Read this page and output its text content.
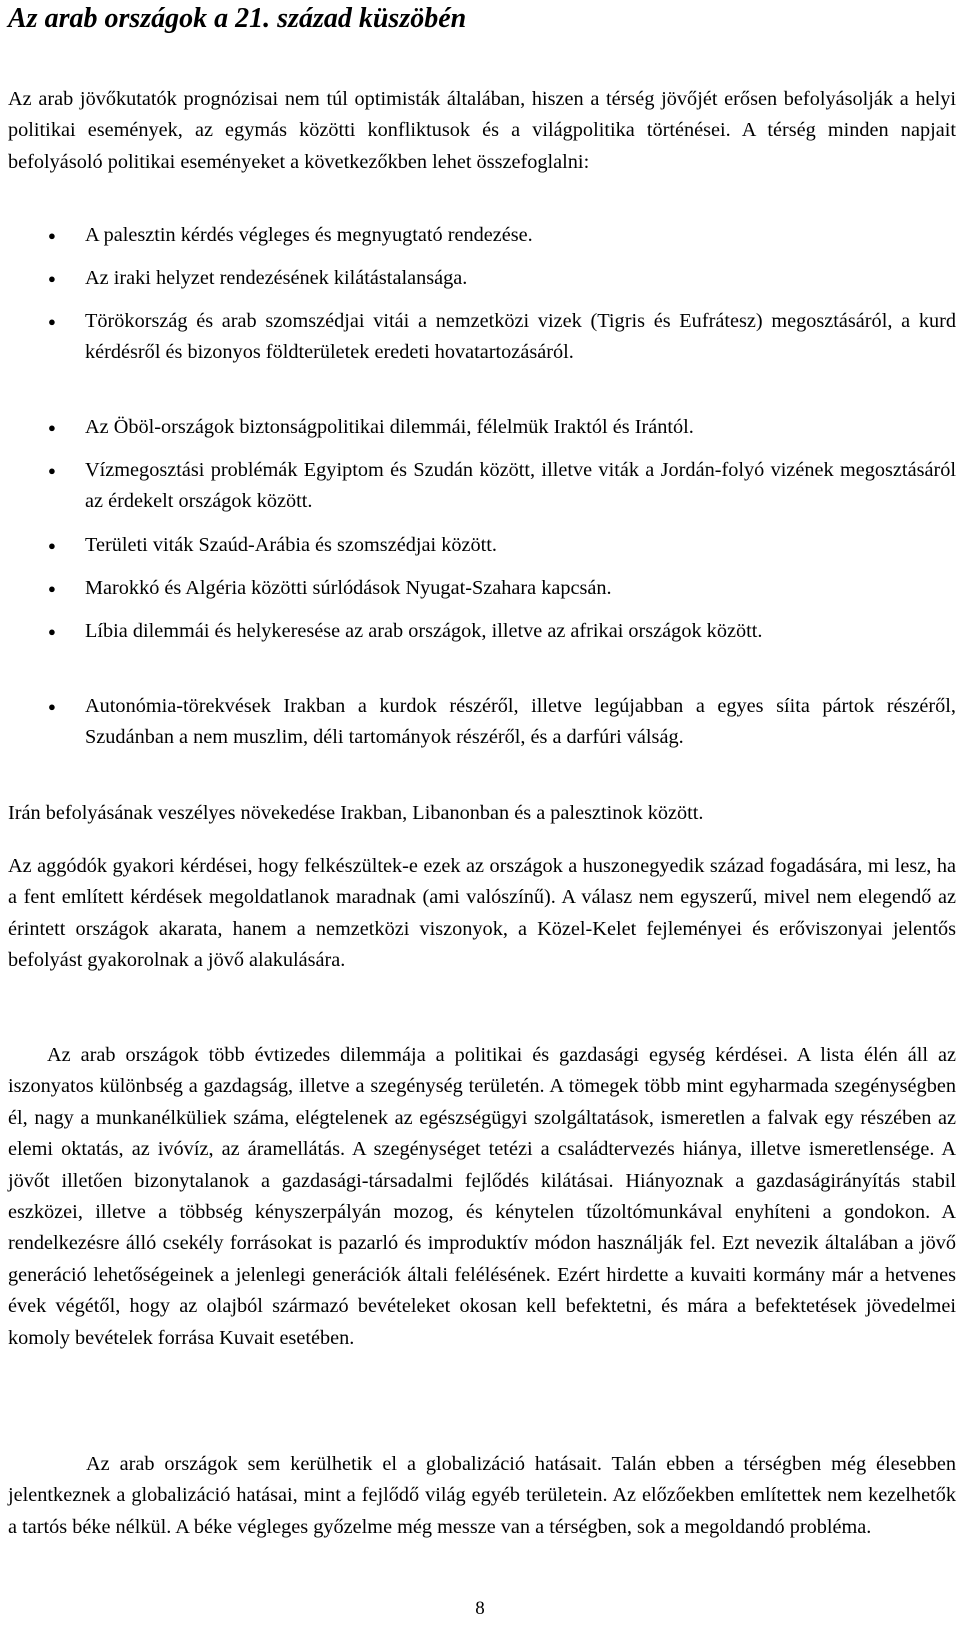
Az arab országok a 21. század küszöbén

Az arab jövőkutatók prognózisai nem túl optimisták általában, hiszen a térség jövőjét erősen befolyásolják a helyi politikai események, az egymás közötti konfliktusok és a világpolitika történései. A térség minden napjait befolyásoló politikai eseményeket a következőkben lehet összefoglalni:

● A palesztin kérdés végleges és megnyugtató rendezése.
● Az iraki helyzet rendezésének kilátástalansága.
● Törökország és arab szomszédjai vitái a nemzetközi vizek (Tigris és Eufrátesz) megosztásáról, a kurd kérdésről és bizonyos földterületek eredeti hovatartozásáról.
● Az Öböl-országok biztonságpolitikai dilemmái, félelmük Iraktól és Irántól.
● Vízmegosztási problémák Egyiptom és Szudán között, illetve viták a Jordán-folyó vizének megosztásáról az érdekelt országok között.
● Területi viták Szaúd-Arábia és szomszédjai között.
● Marokkó és Algéria közötti súrlódások Nyugat-Szahara kapcsán.
● Líbia dilemmái és helykeresése az arab országok, illetve az afrikai országok között.
● Autonómia-törekvések Irakban a kurdok részéről, illetve legújabban a egyes síita pártok részéről, Szudánban a nem muszlim, déli tartományok részéről, és a darfúri válság.

Irán befolyásának veszélyes növekedése Irakban, Libanonban és a palesztinok között.

Az aggódók gyakori kérdései, hogy felkészültek-e ezek az országok a huszonegyedik század fogadására, mi lesz, ha a fent említett kérdések megoldatlanok maradnak (ami valószínű). A válasz nem egyszerű, mivel nem elegendő az érintett országok akarata, hanem a nemzetközi viszonyok, a Közel-Kelet fejleményei és erőviszonyai jelentős befolyást gyakorolnak a jövő alakulására.

Az arab országok több évtizedes dilemmája a politikai és gazdasági egység kérdései. A lista élén áll az iszonyatos különbség a gazdagság, illetve a szegénység területén. A tömegek több mint egyharmada szegénységben él, nagy a munkanélküliek száma, elégtelenek az egészségügyi szolgáltatások, ismeretlen a falvak egy részében az elemi oktatás, az ivóvíz, az áramellátás. A szegénységet tetézi a családtervezés hiánya, illetve ismeretlensége. A jövőt illetően bizonytalanok a gazdasági-társadalmi fejlődés kilátásai. Hiányoznak a gazdaságirányítás stabil eszközei, illetve a többség kényszerpályán mozog, és kénytelen tűzoltómunkával enyhíteni a gondokon. A rendelkezésre álló csekély forrásokat is pazarló és improduktív módon használják fel. Ezt nevezik általában a jövő generáció lehetőségeinek a jelenlegi generációk általi felélésének. Ezért hirdette a kuvaiti kormány már a hetvenes évek végétől, hogy az olajból származó bevételeket okosan kell befektetni, és mára a befektetések jövedelmei komoly bevételek forrása Kuvait esetében.

Az arab országok sem kerülhetik el a globalizáció hatásait. Talán ebben a térségben még élesebben jelentkeznek a globalizáció hatásai, mint a fejlődő világ egyéb területein. Az előzőekben említettek nem kezelhetők a tartós béke nélkül. A béke végleges győzelme még messze van a térségben, sok a megoldandó probléma.

8
